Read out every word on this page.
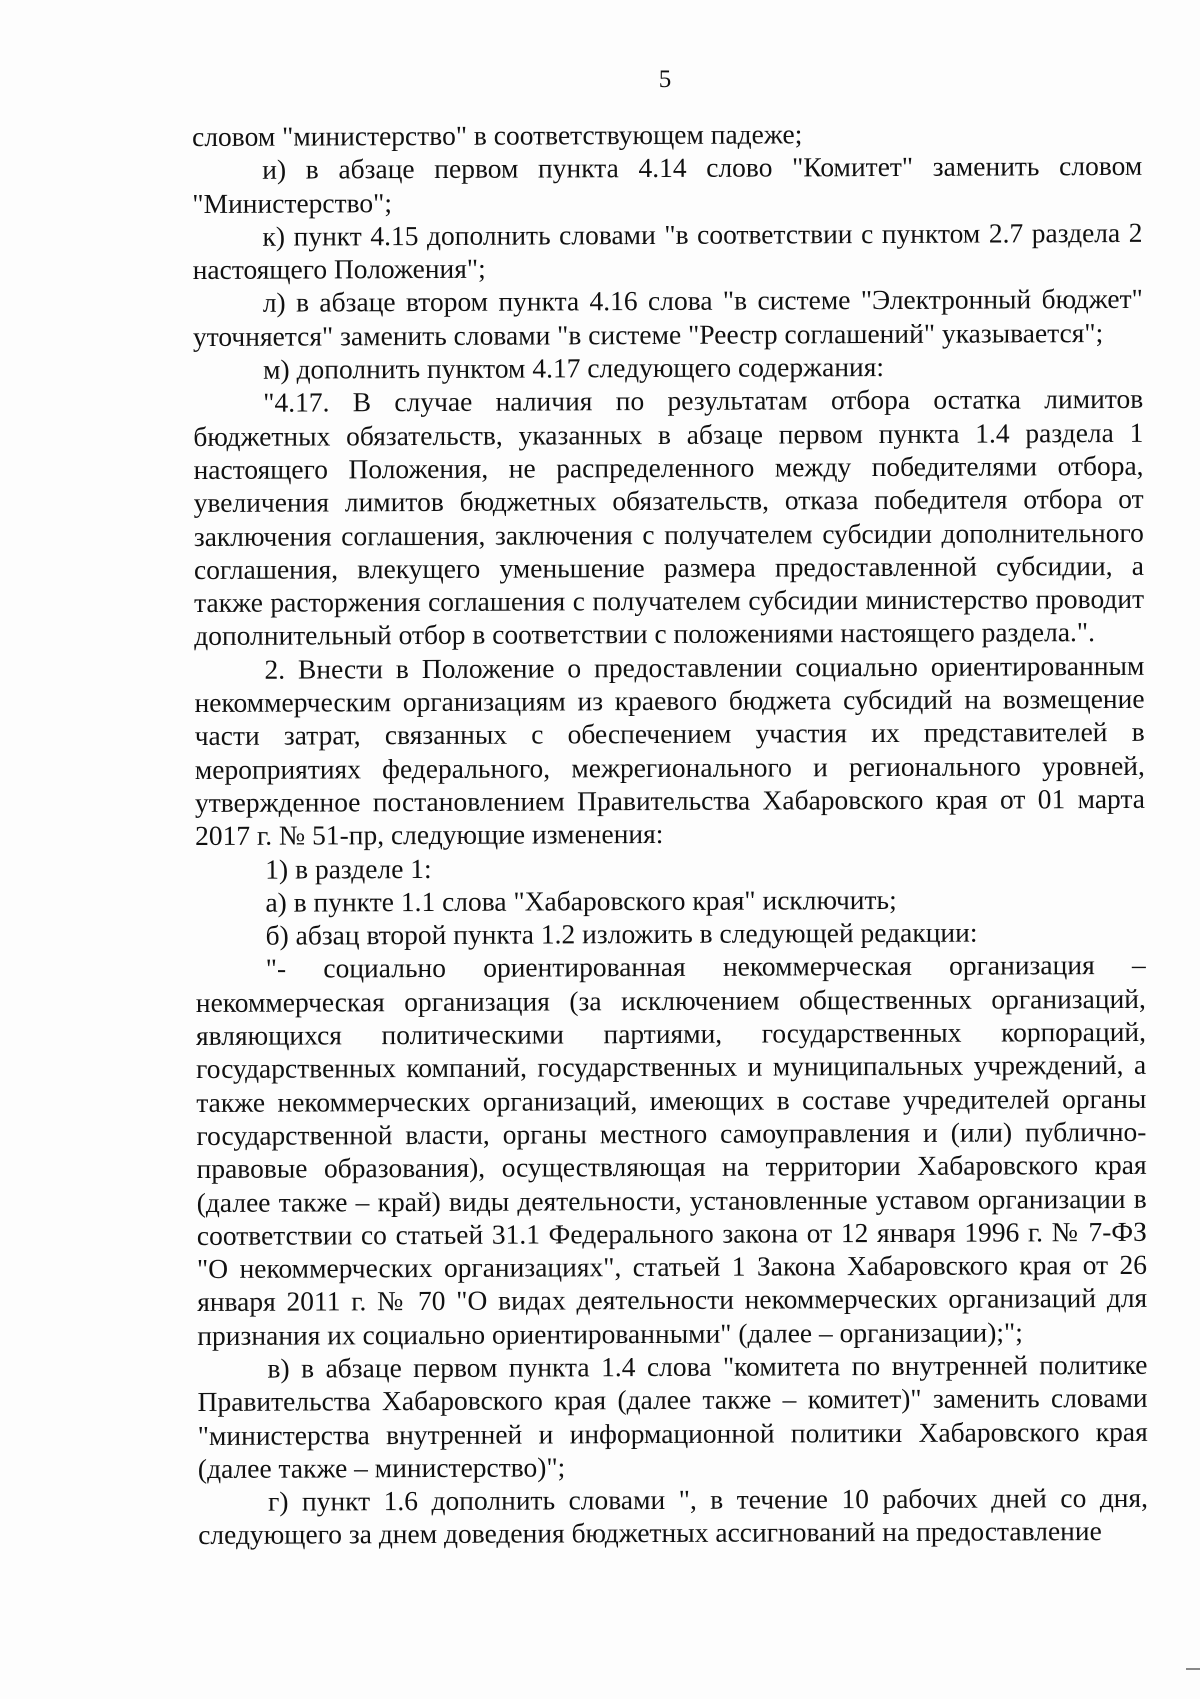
5

словом "министерство" в соответствующем падеже;

и) в абзаце первом пункта 4.14 слово "Комитет" заменить словом "Министерство";

к) пункт 4.15 дополнить словами "в соответствии с пунктом 2.7 раздела 2 настоящего Положения";

л) в абзаце втором пункта 4.16 слова "в системе "Электронный бюджет" уточняется" заменить словами "в системе "Реестр соглашений" указывается";

м) дополнить пунктом 4.17 следующего содержания:

"4.17. В случае наличия по результатам отбора остатка лимитов бюджетных обязательств, указанных в абзаце первом пункта 1.4 раздела 1 настоящего Положения, не распределенного между победителями отбора, увеличения лимитов бюджетных обязательств, отказа победителя отбора от заключения соглашения, заключения с получателем субсидии дополнительного соглашения, влекущего уменьшение размера предоставленной субсидии, а также расторжения соглашения с получателем субсидии министерство проводит дополнительный отбор в соответствии с положениями настоящего раздела.".

2. Внести в Положение о предоставлении социально ориентированным некоммерческим организациям из краевого бюджета субсидий на возмещение части затрат, связанных с обеспечением участия их представителей в мероприятиях федерального, межрегионального и регионального уровней, утвержденное постановлением Правительства Хабаровского края от 01 марта 2017 г. № 51-пр, следующие изменения:

1) в разделе 1:

а) в пункте 1.1 слова "Хабаровского края" исключить;

б) абзац второй пункта 1.2 изложить в следующей редакции:

"- социально ориентированная некоммерческая организация – некоммерческая организация (за исключением общественных организаций, являющихся политическими партиями, государственных корпораций, государственных компаний, государственных и муниципальных учреждений, а также некоммерческих организаций, имеющих в составе учредителей органы государственной власти, органы местного самоуправления и (или) публично-правовые образования), осуществляющая на территории Хабаровского края (далее также – край) виды деятельности, установленные уставом организации в соответствии со статьей 31.1 Федерального закона от 12 января 1996 г. № 7-ФЗ "О некоммерческих организациях", статьей 1 Закона Хабаровского края от 26 января 2011 г. № 70 "О видах деятельности некоммерческих организаций для признания их социально ориентированными" (далее – организации);";

в) в абзаце первом пункта 1.4 слова "комитета по внутренней политике Правительства Хабаровского края (далее также – комитет)" заменить словами "министерства внутренней и информационной политики Хабаровского края (далее также – министерство)";

г) пункт 1.6 дополнить словами ", в течение 10 рабочих дней со дня, следующего за днем доведения бюджетных ассигнований на предоставление
